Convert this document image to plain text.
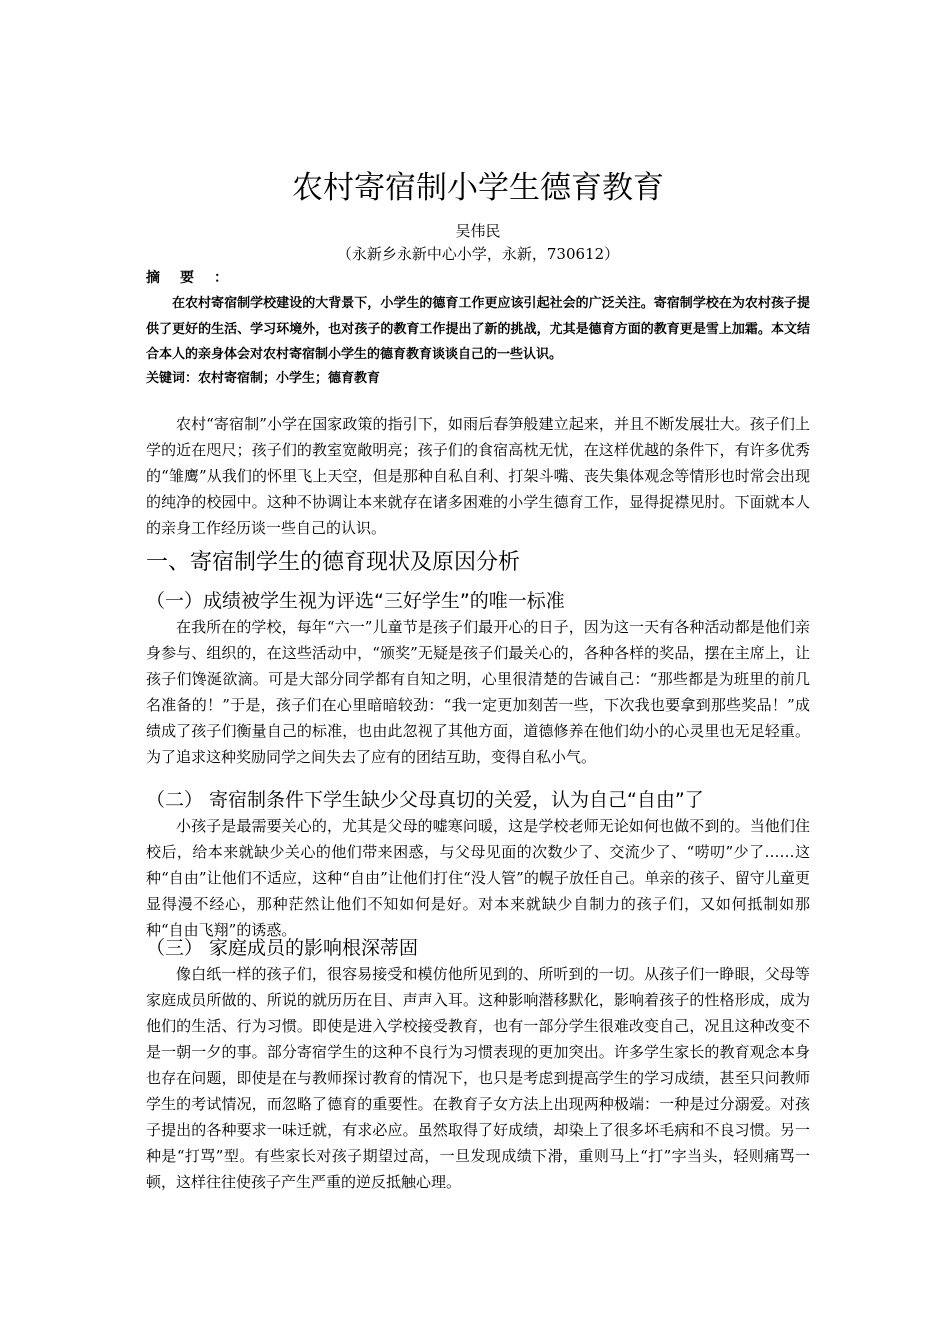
农村寄宿制小学生德育教育
吴伟民
（永新乡永新中心小学，永新，730612）
摘要：
在农村寄宿制学校建设的大背景下，小学生的德育工作更应该引起社会的广泛关注。寄宿制学校在为农村孩子提供了更好的生活、学习环境外，也对孩子的教育工作提出了新的挑战，尤其是德育方面的教育更是雪上加霜。本文结合本人的亲身体会对农村寄宿制小学生的德育教育谈谈自己的一些认识。
关键词：农村寄宿制；小学生；德育教育
农村“寄宿制”小学在国家政策的指引下，如雨后春笋般建立起来，并且不断发展壮大。孩子们上学的近在咫尺；孩子们的教室宽敞明亮；孩子们的食宿高枕无忧，在这样优越的条件下，有许多优秀的“雏鹰”从我们的怀里飞上天空，但是那种自私自利、打架斗嘴、丧失集体观念等情形也时常会出现的纯净的校园中。这种不协调让本来就存在诸多困难的小学生德育工作，显得捉襟见肘。下面就本人的亲身工作经历谈一些自己的认识。
一、寄宿制学生的德育现状及原因分析
（一）成绩被学生视为评选“三好学生”的唯一标准
在我所在的学校，每年“六一”儿童节是孩子们最开心的日子，因为这一天有各种活动都是他们亲身参与、组织的，在这些活动中，“颁奖”无疑是孩子们最关心的，各种各样的奖品，摆在主席上，让孩子们馋涎欲滴。可是大部分同学都有自知之明，心里很清楚的告诫自己：“那些都是为班里的前几名准备的！”于是，孩子们在心里暗暗较劲：“我一定更加刻苦一些，下次我也要拿到那些奖品！”成绩成了孩子们衡量自己的标准，也由此忽视了其他方面，道德修养在他们幼小的心灵里也无足轻重。为了追求这种奖励同学之间失去了应有的团结互助，变得自私小气。
（二） 寄宿制条件下学生缺少父母真切的关爱，认为自己“自由”了
小孩子是最需要关心的，尤其是父母的嘘寒问暖，这是学校老师无论如何也做不到的。当他们住校后，给本来就缺少关心的他们带来困惑，与父母见面的次数少了、交流少了、“唠叨”少了……这种“自由”让他们不适应，这种“自由”让他们打住“没人管”的幌子放任自己。单亲的孩子、留守儿童更显得漫不经心，那种茫然让他们不知如何是好。对本来就缺少自制力的孩子们，又如何抵制如那种“自由飞翔”的诱惑。
（三） 家庭成员的影响根深蒂固
像白纸一样的孩子们，很容易接受和模仿他所见到的、所听到的一切。从孩子们一睁眼，父母等家庭成员所做的、所说的就历历在目、声声入耳。这种影响潜移默化，影响着孩子的性格形成，成为他们的生活、行为习惯。即使是进入学校接受教育，也有一部分学生很难改变自己，况且这种改变不是一朝一夕的事。部分寄宿学生的这种不良行为习惯表现的更加突出。许多学生家长的教育观念本身也存在问题，即使是在与教师探讨教育的情况下，也只是考虑到提高学生的学习成绩，甚至只问教师学生的考试情况，而忽略了德育的重要性。在教育子女方法上出现两种极端：一种是过分溺爱。对孩子提出的各种要求一味迁就，有求必应。虽然取得了好成绩，却染上了很多坏毛病和不良习惯。另一种是“打骂”型。有些家长对孩子期望过高，一旦发现成绩下滑，重则马上“打”字当头，轻则痛骂一顿，这样往往使孩子产生严重的逆反抵触心理。
